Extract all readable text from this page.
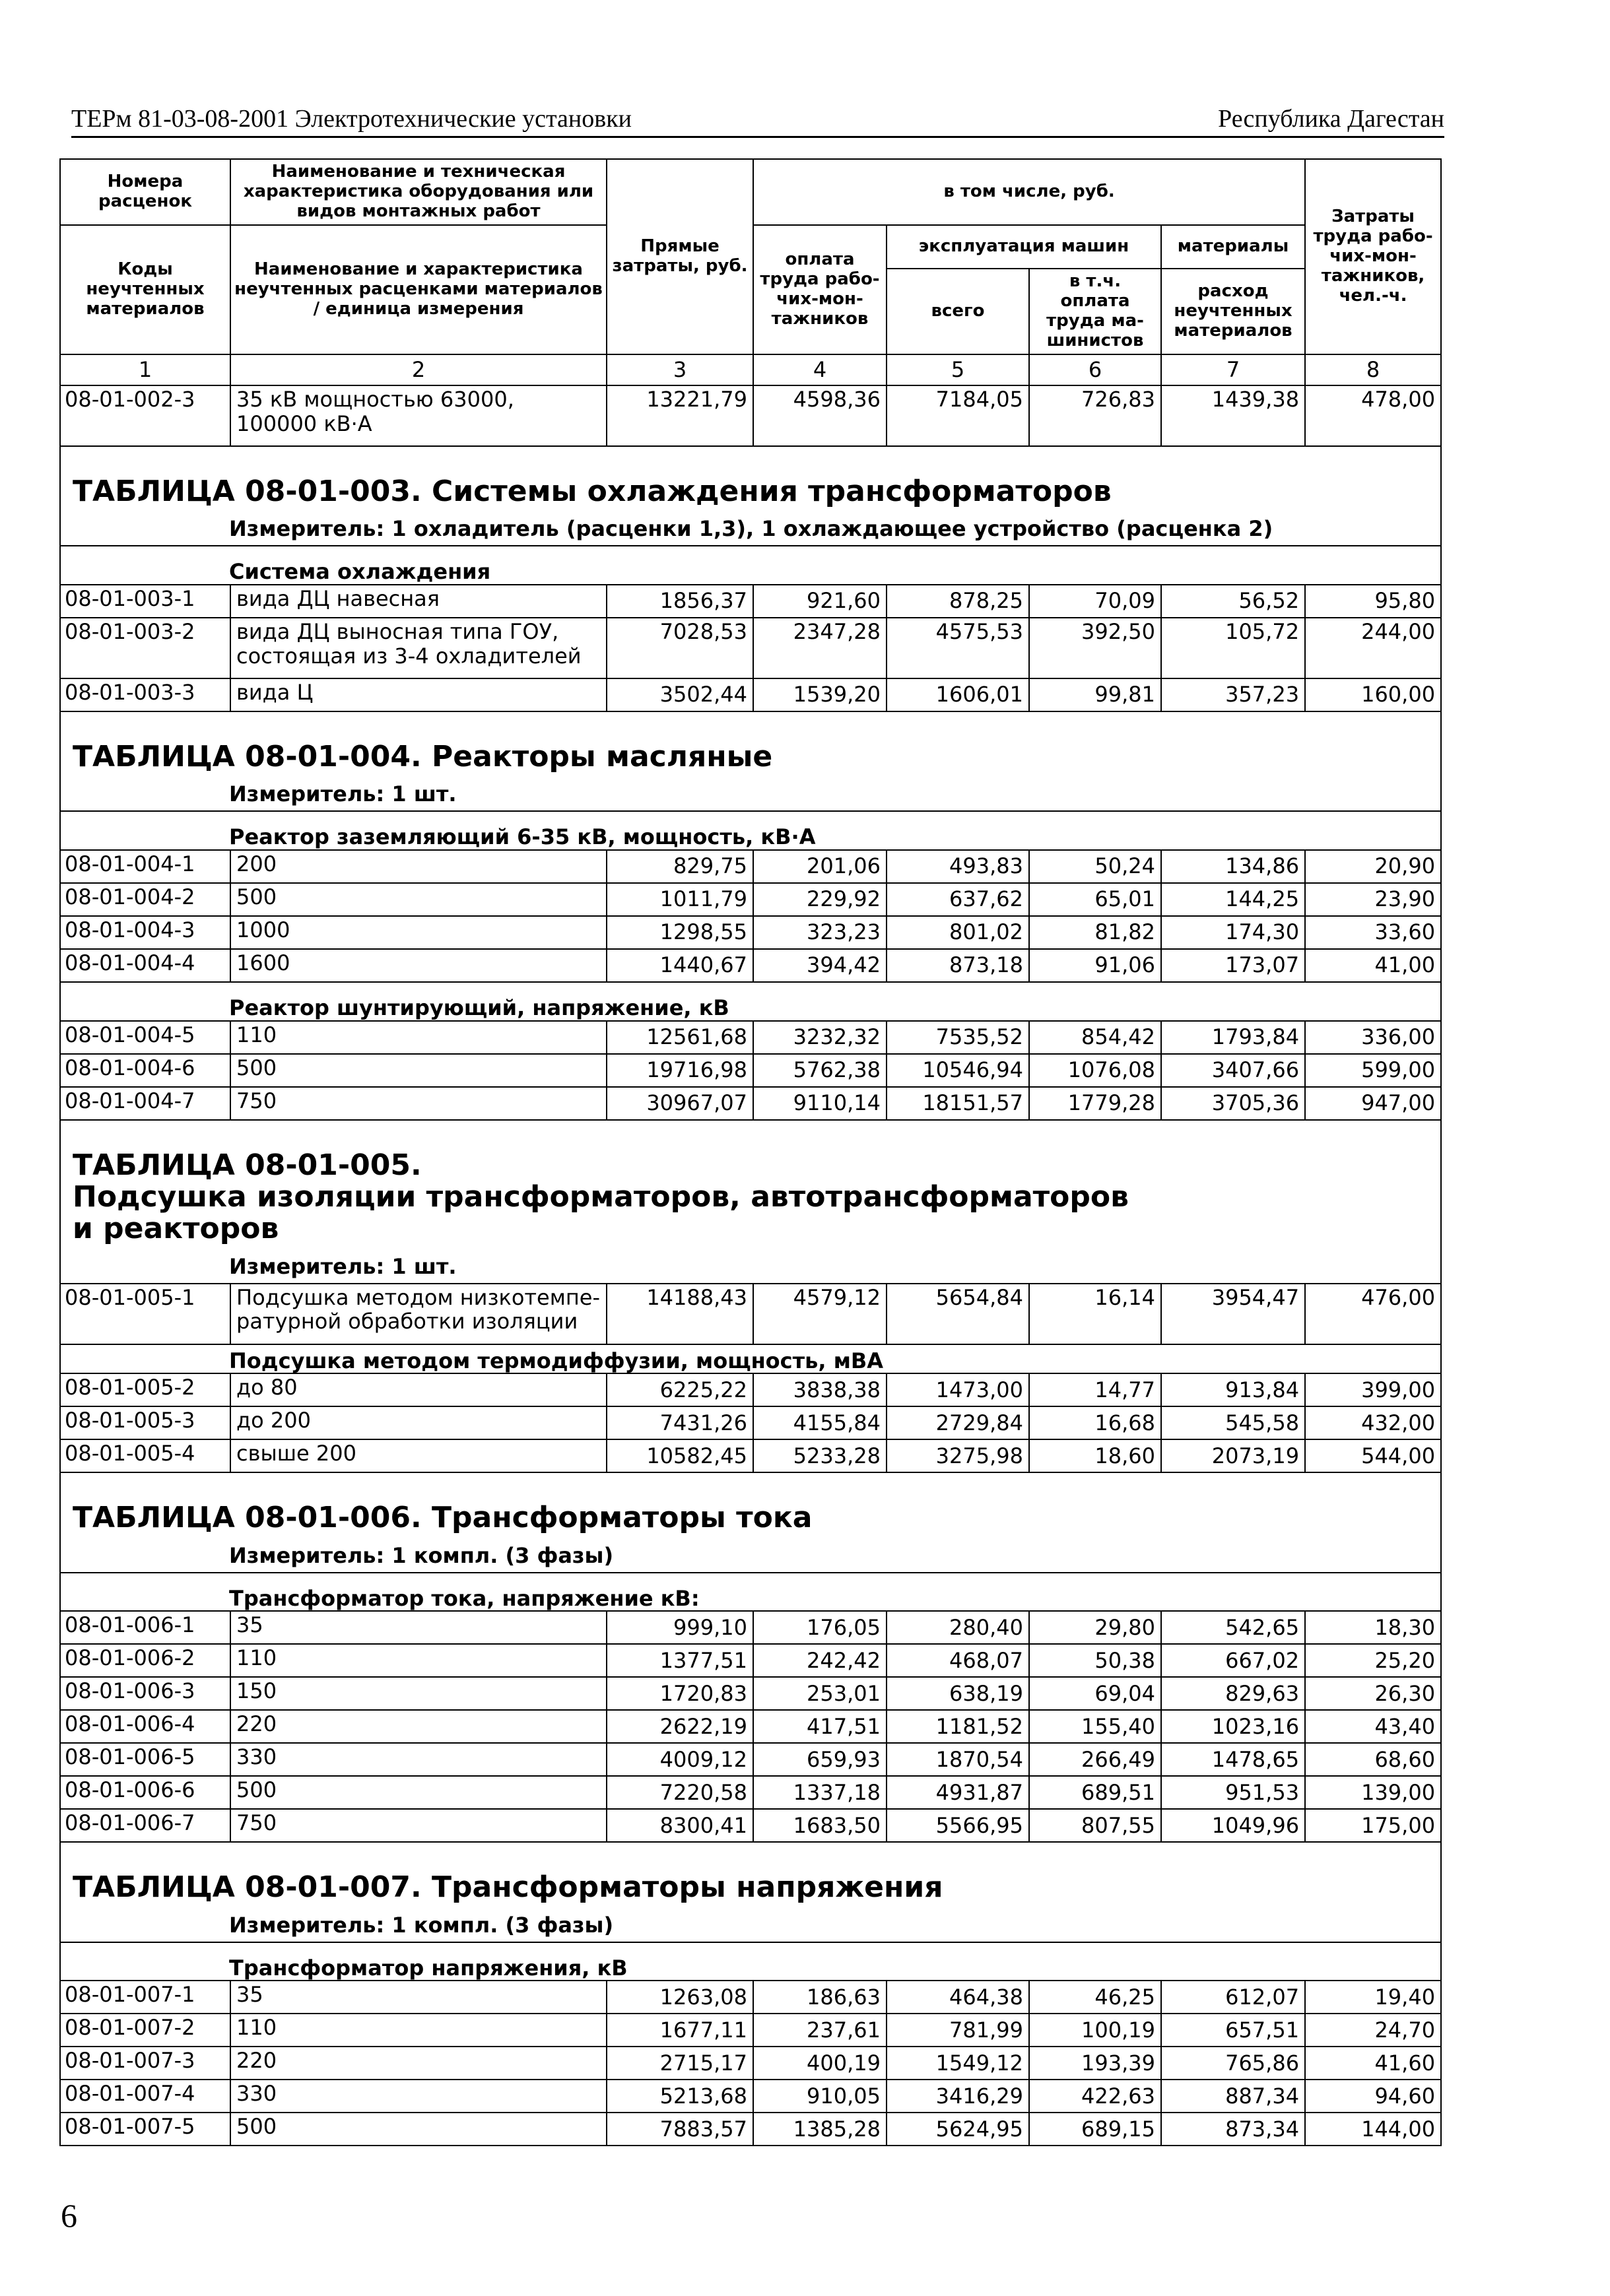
ТЕРм 81-03-08-2001 Электротехнические установки	Республика Дагестан
Номера расценок	Наименование и техническая характеристика оборудования или видов монтажных работ	Прямые затраты, руб.	в том числе, руб.				Затраты труда рабо-чих-мон-тажников, чел.-ч.
Коды неучтенных материалов	Наименование и характеристика неучтенных расценками материалов / единица измерения		оплата труда рабо-чих-мон-тажников	эксплуатация машин		материалы	
				всего	в т.ч. оплата труда ма-шинистов	расход неучтенных материалов	
1	2	3	4	5	6	7	8
08-01-002-3	35 кВ мощностью 63000, 100000 кВ·А	13221,79	4598,36	7184,05	726,83	1439,38	478,00
ТАБЛИЦА 08-01-003. Системы охлаждения трансформаторов							
Измеритель: 1 охладитель (расценки 1,3), 1 охлаждающее устройство (расценка 2)							
Система охлаждения							
08-01-003-1	вида ДЦ навесная	1856,37	921,60	878,25	70,09	56,52	95,80
08-01-003-2	вида ДЦ выносная типа ГОУ, состоящая из 3-4 охладителей	7028,53	2347,28	4575,53	392,50	105,72	244,00
08-01-003-3	вида Ц	3502,44	1539,20	1606,01	99,81	357,23	160,00
ТАБЛИЦА 08-01-004. Реакторы масляные							
Измеритель: 1 шт.							
Реактор заземляющий 6-35 кВ, мощность, кВ·А							
08-01-004-1	200	829,75	201,06	493,83	50,24	134,86	20,90
08-01-004-2	500	1011,79	229,92	637,62	65,01	144,25	23,90
08-01-004-3	1000	1298,55	323,23	801,02	81,82	174,30	33,60
08-01-004-4	1600	1440,67	394,42	873,18	91,06	173,07	41,00
Реактор шунтирующий, напряжение, кВ							
08-01-004-5	110	12561,68	3232,32	7535,52	854,42	1793,84	336,00
08-01-004-6	500	19716,98	5762,38	10546,94	1076,08	3407,66	599,00
08-01-004-7	750	30967,07	9110,14	18151,57	1779,28	3705,36	947,00
ТАБЛИЦА 08-01-005. Подсушка изоляции трансформаторов, автотрансформаторов и реакторов							
Измеритель: 1 шт.							
08-01-005-1	Подсушка методом низкотемпе-ратурной обработки изоляции	14188,43	4579,12	5654,84	16,14	3954,47	476,00
Подсушка методом термодиффузии, мощность, мВА							
08-01-005-2	до 80	6225,22	3838,38	1473,00	14,77	913,84	399,00
08-01-005-3	до 200	7431,26	4155,84	2729,84	16,68	545,58	432,00
08-01-005-4	свыше 200	10582,45	5233,28	3275,98	18,60	2073,19	544,00
ТАБЛИЦА 08-01-006. Трансформаторы тока							
Измеритель: 1 компл. (3 фазы)							
Трансформатор тока, напряжение кВ:							
08-01-006-1	35	999,10	176,05	280,40	29,80	542,65	18,30
08-01-006-2	110	1377,51	242,42	468,07	50,38	667,02	25,20
08-01-006-3	150	1720,83	253,01	638,19	69,04	829,63	26,30
08-01-006-4	220	2622,19	417,51	1181,52	155,40	1023,16	43,40
08-01-006-5	330	4009,12	659,93	1870,54	266,49	1478,65	68,60
08-01-006-6	500	7220,58	1337,18	4931,87	689,51	951,53	139,00
08-01-006-7	750	8300,41	1683,50	5566,95	807,55	1049,96	175,00
ТАБЛИЦА 08-01-007. Трансформаторы напряжения							
Измеритель: 1 компл. (3 фазы)							
Трансформатор напряжения, кВ							
08-01-007-1	35	1263,08	186,63	464,38	46,25	612,07	19,40
08-01-007-2	110	1677,11	237,61	781,99	100,19	657,51	24,70
08-01-007-3	220	2715,17	400,19	1549,12	193,39	765,86	41,60
08-01-007-4	330	5213,68	910,05	3416,29	422,63	887,34	94,60
08-01-007-5	500	7883,57	1385,28	5624,95	689,15	873,34	144,00
6
